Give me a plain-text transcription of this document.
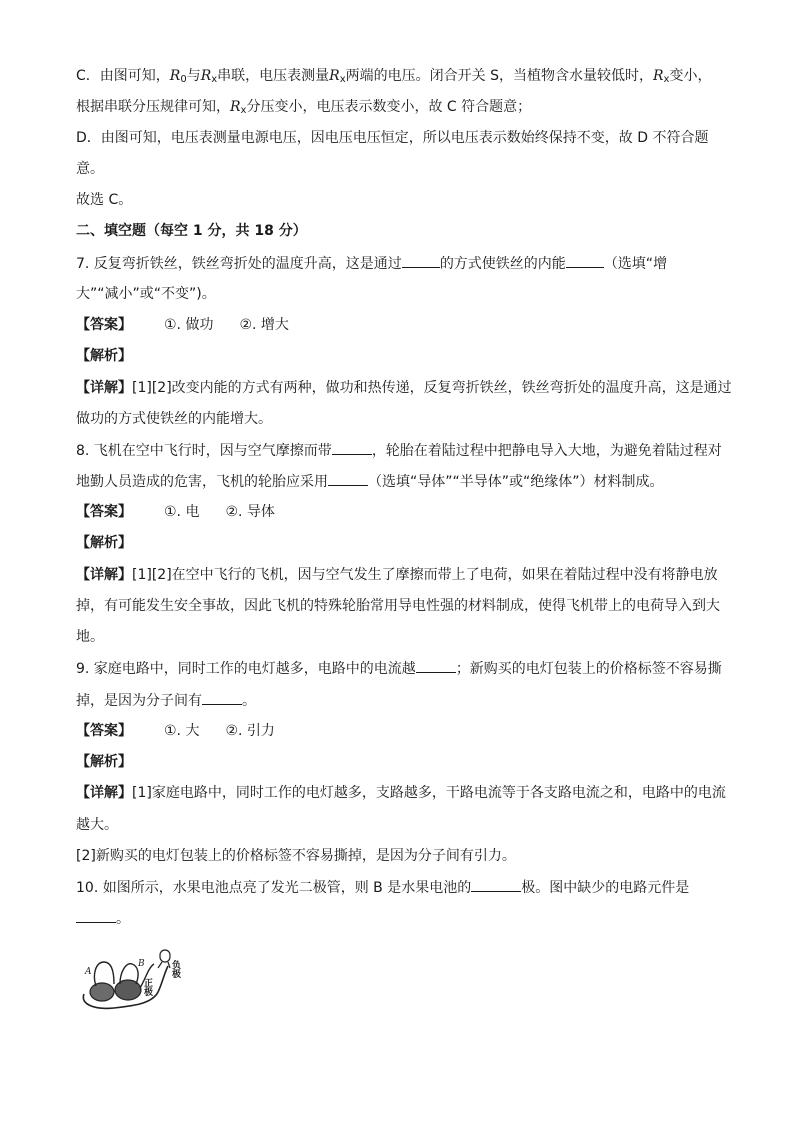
C．由图可知，$R_0$与$R_x$串联，电压表测量$R_x$两端的电压。闭合开关 S，当植物含水量较低时，$R_x$变小，
根据串联分压规律可知，$R_x$分压变小，电压表示数变小，故 C 符合题意；
D．由图可知，电压表测量电源电压，因电压电压恒定，所以电压表示数始终保持不变，故 D 不符合题
意。
故选 C。
二、填空题（每空 1 分，共 18 分）
7. 反复弯折铁丝，铁丝弯折处的温度升高，这是通过	的方式使铁丝的内能	（选填“增
大”“减小”或“不变”)。
【答案】 ①. 做功 ②. 增大
【解析】
【详解】[1][2]改变内能的方式有两种，做功和热传递，反复弯折铁丝，铁丝弯折处的温度升高，这是通过
做功的方式使铁丝的内能增大。
8. 飞机在空中飞行时，因与空气摩擦而带	，轮胎在着陆过程中把静电导入大地，为避免着陆过程对
地勤人员造成的危害，飞机的轮胎应采用	（选填“导体”“半导体”或“绝缘体”）材料制成。
【答案】 ①. 电 ②. 导体
【解析】
【详解】[1][2]在空中飞行的飞机，因与空气发生了摩擦而带上了电荷，如果在着陆过程中没有将静电放
掉，有可能发生安全事故，因此飞机的特殊轮胎常用导电性强的材料制成，使得飞机带上的电荷导入到大
地。
9. 家庭电路中，同时工作的电灯越多，电路中的电流越	；新购买的电灯包装上的价格标签不容易撕
掉，是因为分子间有	。
【答案】 ①. 大 ②. 引力
【解析】
【详解】[1]家庭电路中，同时工作的电灯越多，支路越多，干路电流等于各支路电流之和，电路中的电流
越大。
[2]新购买的电灯包装上的价格标签不容易撕掉，是因为分子间有引力。
10. 如图所示，水果电池点亮了发光二极管，则 B 是水果电池的	极。图中缺少的电路元件是
。
A
B
正极
负极
